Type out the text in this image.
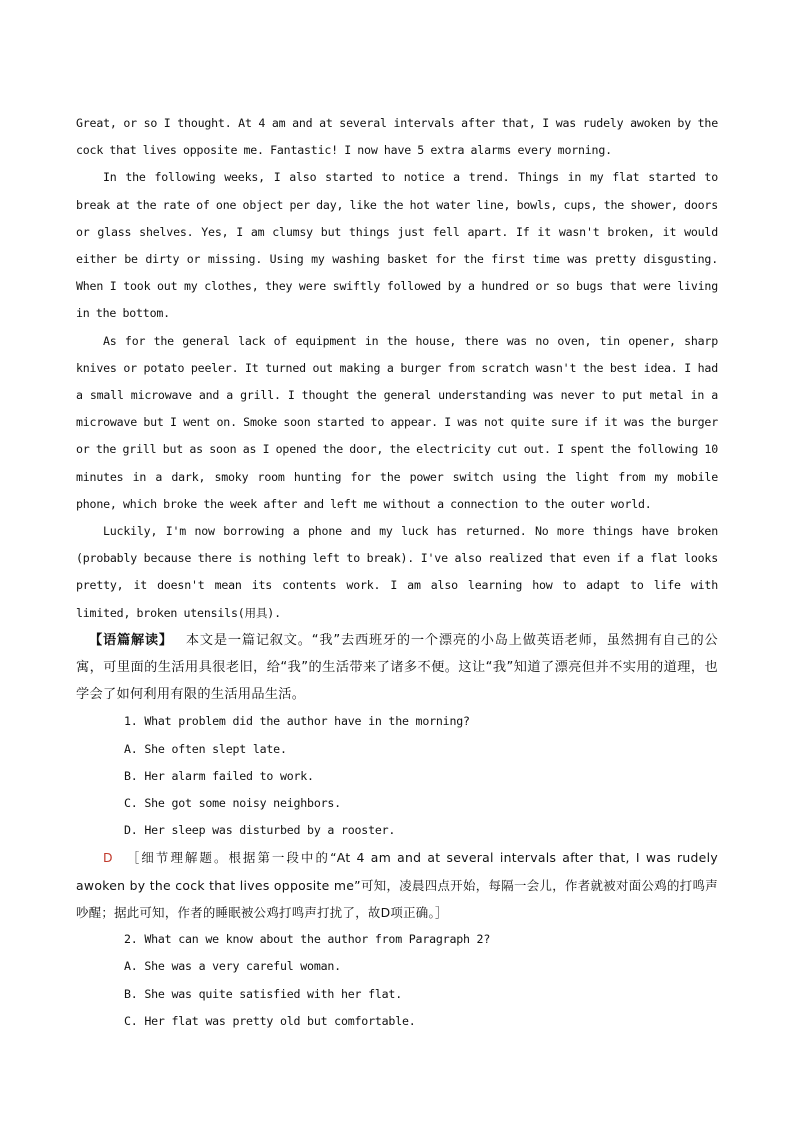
Great, or so I thought. At 4 am and at several intervals after that, I was rudely awoken by the cock that lives opposite me. Fantastic! I now have 5 extra alarms every morning.

In the following weeks, I also started to notice a trend. Things in my flat started to break at the rate of one object per day, like the hot water line, bowls, cups, the shower, doors or glass shelves. Yes, I am clumsy but things just fell apart. If it wasn't broken, it would either be dirty or missing. Using my washing basket for the first time was pretty disgusting. When I took out my clothes, they were swiftly followed by a hundred or so bugs that were living in the bottom.

As for the general lack of equipment in the house, there was no oven, tin opener, sharp knives or potato peeler. It turned out making a burger from scratch wasn't the best idea. I had a small microwave and a grill. I thought the general understanding was never to put metal in a microwave but I went on. Smoke soon started to appear. I was not quite sure if it was the burger or the grill but as soon as I opened the door, the electricity cut out. I spent the following 10 minutes in a dark, smoky room hunting for the power switch using the light from my mobile phone, which broke the week after and left me without a connection to the outer world.

Luckily, I'm now borrowing a phone and my luck has returned. No more things have broken (probably because there is nothing left to break). I've also realized that even if a flat looks pretty, it doesn't mean its contents work. I am also learning how to adapt to life with limited, broken utensils(用具).

【语篇解读】 本文是一篇记叙文。“我”去西班牙的一个漂亮的小岛上做英语老师，虽然拥有自己的公寓，可里面的生活用具很老旧，给“我”的生活带来了诸多不便。这让“我”知道了漂亮但并不实用的道理，也学会了如何利用有限的生活用品生活。

1. What problem did the author have in the morning?

A. She often slept late.

B. Her alarm failed to work.

C. She got some noisy neighbors.

D. Her sleep was disturbed by a rooster.

D ［细节理解题。根据第一段中的“At 4 am and at several intervals after that, I was rudely awoken by the cock that lives opposite me”可知，凌晨四点开始，每隔一会儿，作者就被对面公鸡的打鸣声吵醒；据此可知，作者的睡眠被公鸡打鸣声打扰了，故D项正确。］

2. What can we know about the author from Paragraph 2?

A. She was a very careful woman.

B. She was quite satisfied with her flat.

C. Her flat was pretty old but comfortable.
